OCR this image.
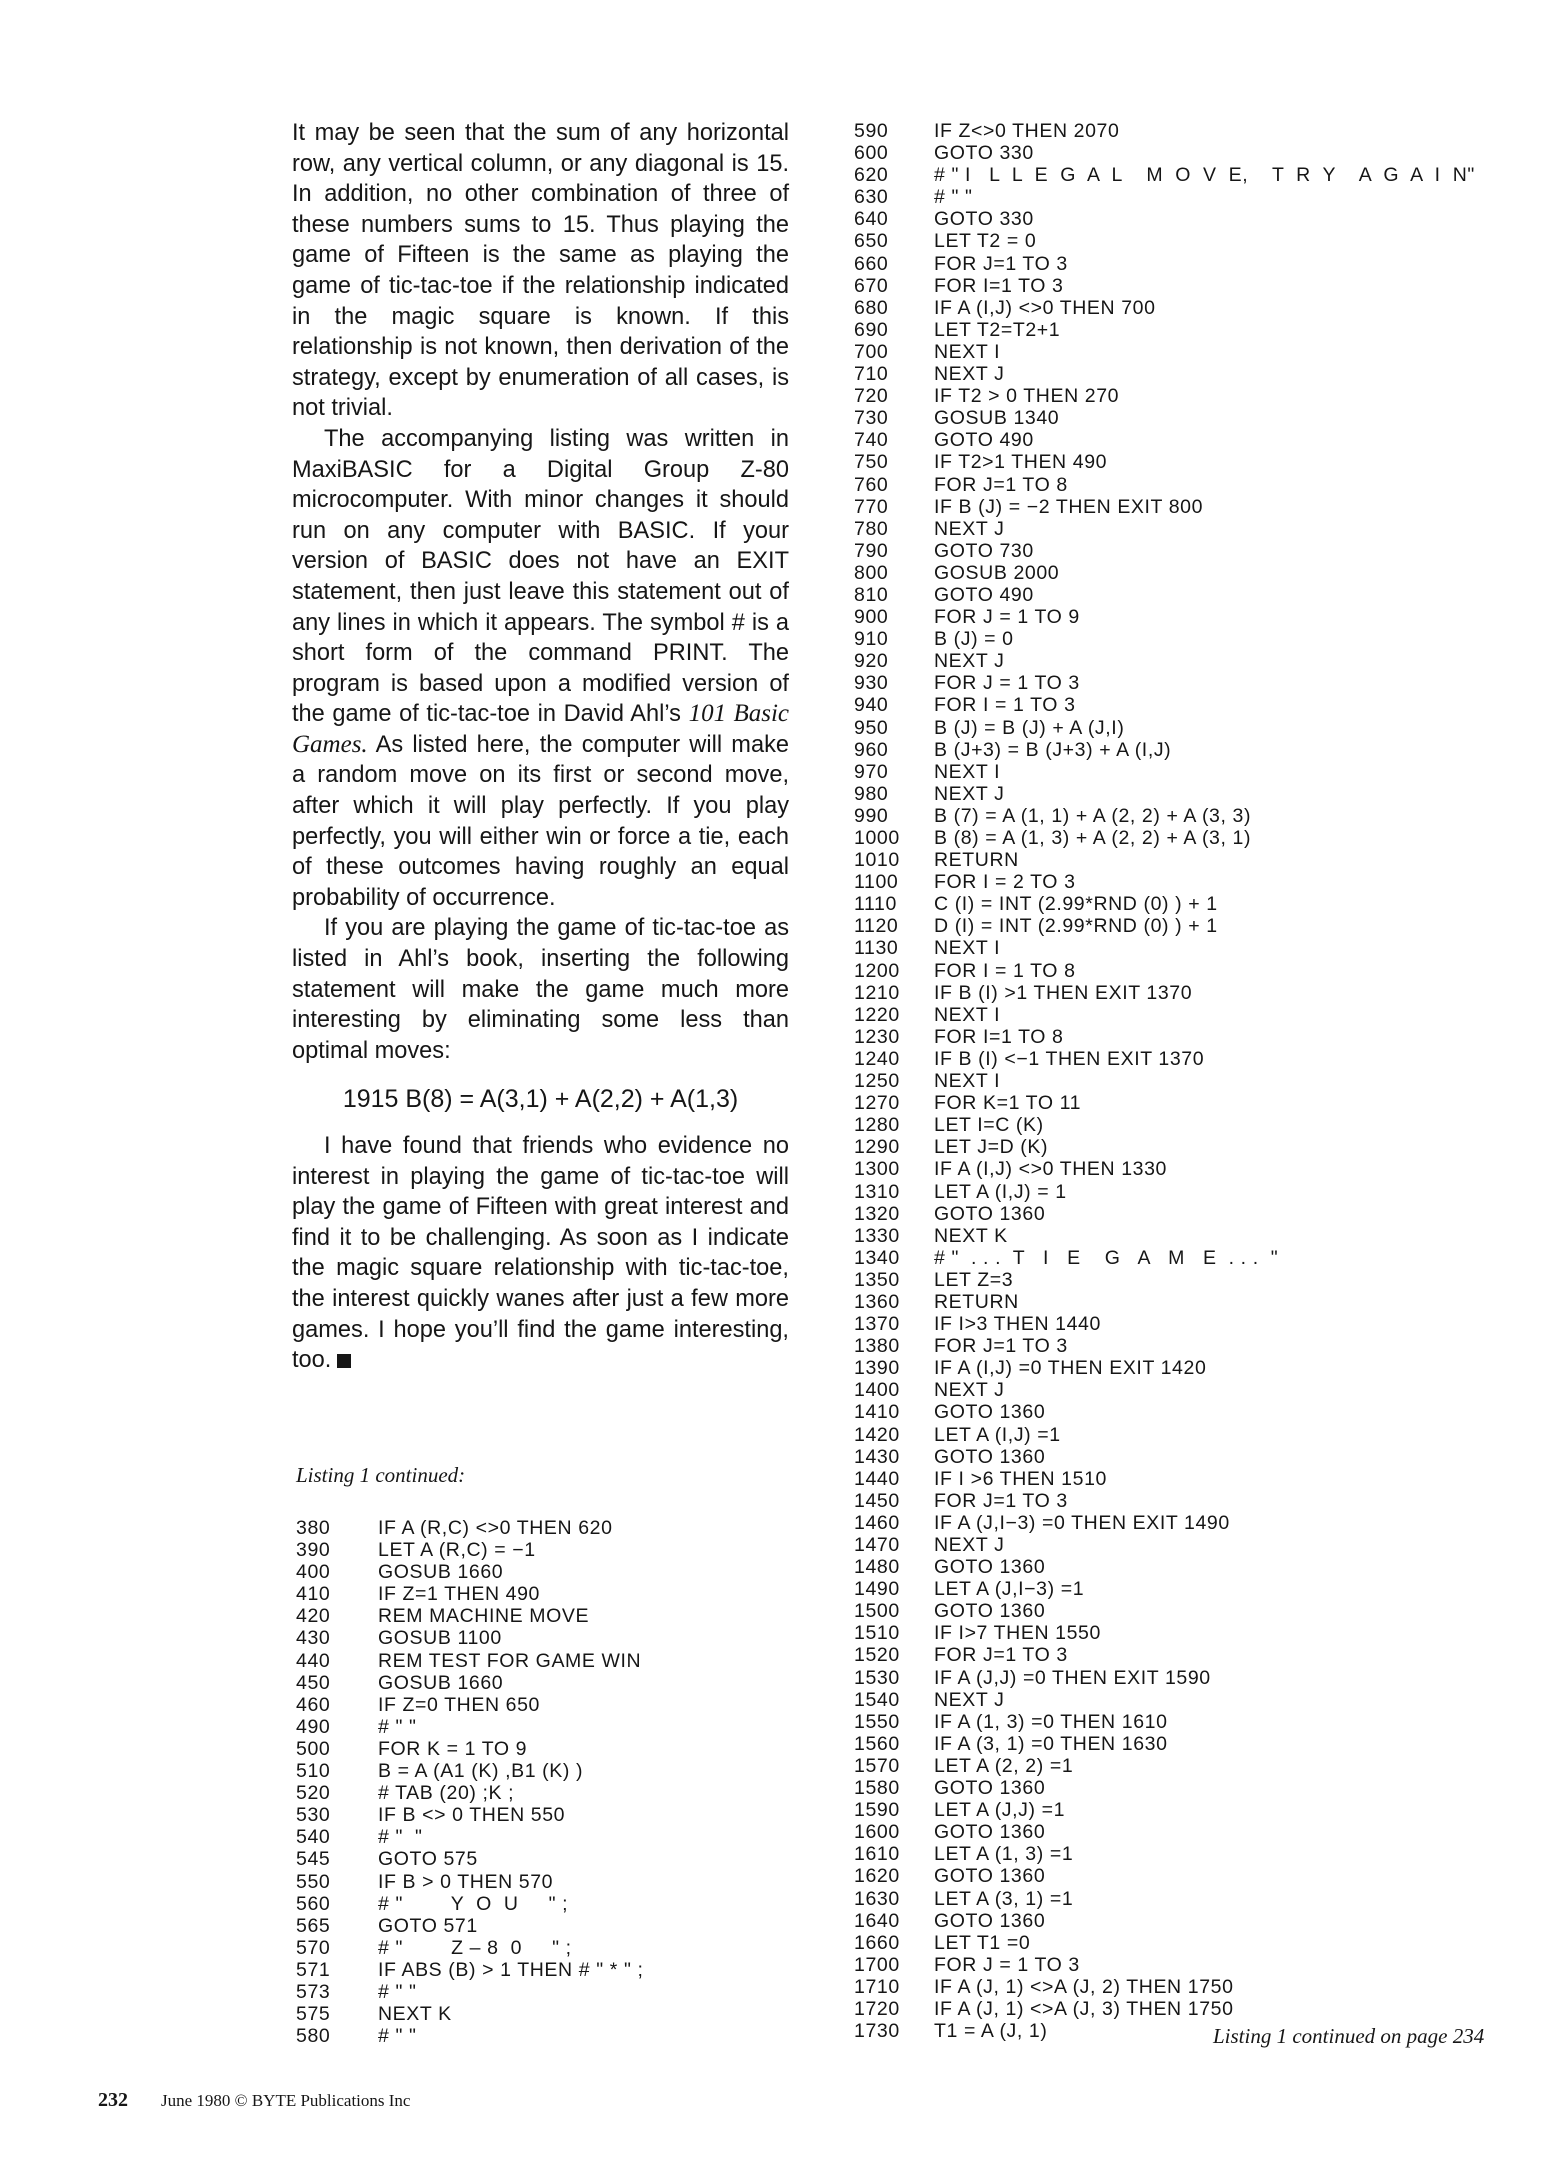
It may be seen that the sum of any horizontal row, any vertical column, or any diagonal is 15. In addition, no other combination of three of these numbers sums to 15. Thus playing the game of Fifteen is the same as playing the game of tic-tac-toe if the relationship indicated in the magic square is known. If this relationship is not known, then derivation of the strategy, except by enumeration of all cases, is not trivial.

The accompanying listing was written in MaxiBASIC for a Digital Group Z-80 microcomputer. With minor changes it should run on any computer with BASIC. If your version of BASIC does not have an EXIT statement, then just leave this statement out of any lines in which it appears. The symbol # is a short form of the command PRINT. The program is based upon a modified version of the game of tic-tac-toe in David Ahl’s 101 Basic Games. As listed here, the computer will make a random move on its first or second move, after which it will play perfectly. If you play perfectly, you will either win or force a tie, each of these outcomes having roughly an equal probability of occurrence.

If you are playing the game of tic-tac-toe as listed in Ahl’s book, inserting the following statement will make the game much more interesting by eliminating some less than optimal moves:

1915 B(8) = A(3,1) + A(2,2) + A(1,3)

I have found that friends who evidence no interest in playing the game of tic-tac-toe will play the game of Fifteen with great interest and find it to be challenging. As soon as I indicate the magic square relationship with tic-tac-toe, the interest quickly wanes after just a few more games. I hope you’ll find the game interesting, too.

Listing 1 continued:
380	IF A (R,C) <>0 THEN 620
390	LET A (R,C) = −1
400	GOSUB 1660
410	IF Z=1 THEN 490
420	REM MACHINE MOVE
430	GOSUB 1100
440	REM TEST FOR GAME WIN
450	GOSUB 1660
460	IF Z=0 THEN 650
490	# " "
500	FOR K = 1 TO 9
510	B = A (A1 (K) ,B1 (K) )
520	# TAB (20) ;K ;
530	IF B <> 0 THEN 550
540	# "  "
545	GOTO 575
550	IF B > 0 THEN 570
560	# "        Y  O  U     " ;
565	GOTO 571
570	# "        Z – 8  0     " ;
571	IF ABS (B) > 1 THEN # " * " ;
573	# " "
575	NEXT K
580	# " "
590	IF Z<>0 THEN 2070
600	GOTO 330
620	# " I   L  L  E  G  A  L    M  O  V  E,    T  R  Y    A  G  A  I  N"
630	# " "
640	GOTO 330
650	LET T2 = 0
660	FOR J=1 TO 3
670	FOR I=1 TO 3
680	IF A (I,J) <>0 THEN 700
690	LET T2=T2+1
700	NEXT I
710	NEXT J
720	IF T2 > 0 THEN 270
730	GOSUB 1340
740	GOTO 490
750	IF T2>1 THEN 490
760	FOR J=1 TO 8
770	IF B (J) = −2 THEN EXIT 800
780	NEXT J
790	GOTO 730
800	GOSUB 2000
810	GOTO 490
900	FOR J = 1 TO 9
910	B (J) = 0
920	NEXT J
930	FOR J = 1 TO 3
940	FOR I = 1 TO 3
950	B (J) = B (J) + A (J,I)
960	B (J+3) = B (J+3) + A (I,J)
970	NEXT I
980	NEXT J
990	B (7) = A (1, 1) + A (2, 2) + A (3, 3)
1000	B (8) = A (1, 3) + A (2, 2) + A (3, 1)
1010	RETURN
1100	FOR I = 2 TO 3
1110	C (I) = INT (2.99*RND (0) ) + 1
1120	D (I) = INT (2.99*RND (0) ) + 1
1130	NEXT I
1200	FOR I = 1 TO 8
1210	IF B (I) >1 THEN EXIT 1370
1220	NEXT I
1230	FOR I=1 TO 8
1240	IF B (I) <−1 THEN EXIT 1370
1250	NEXT I
1270	FOR K=1 TO 11
1280	LET I=C (K)
1290	LET J=D (K)
1300	IF A (I,J) <>0 THEN 1330
1310	LET A (I,J) = 1
1320	GOTO 1360
1330	NEXT K
1340	# "  . . .  T   I   E    G   A   M   E  . . .  "
1350	LET Z=3
1360	RETURN
1370	IF I>3 THEN 1440
1380	FOR J=1 TO 3
1390	IF A (I,J) =0 THEN EXIT 1420
1400	NEXT J
1410	GOTO 1360
1420	LET A (I,J) =1
1430	GOTO 1360
1440	IF I >6 THEN 1510
1450	FOR J=1 TO 3
1460	IF A (J,I−3) =0 THEN EXIT 1490
1470	NEXT J
1480	GOTO 1360
1490	LET A (J,I−3) =1
1500	GOTO 1360
1510	IF I>7 THEN 1550
1520	FOR J=1 TO 3
1530	IF A (J,J) =0 THEN EXIT 1590
1540	NEXT J
1550	IF A (1, 3) =0 THEN 1610
1560	IF A (3, 1) =0 THEN 1630
1570	LET A (2, 2) =1
1580	GOTO 1360
1590	LET A (J,J) =1
1600	GOTO 1360
1610	LET A (1, 3) =1
1620	GOTO 1360
1630	LET A (3, 1) =1
1640	GOTO 1360
1660	LET T1 =0
1700	FOR J = 1 TO 3
1710	IF A (J, 1) <>A (J, 2) THEN 1750
1720	IF A (J, 1) <>A (J, 3) THEN 1750
1730	T1 = A (J, 1)	Listing 1 continued on page 234
232 June 1980 © BYTE Publications Inc
